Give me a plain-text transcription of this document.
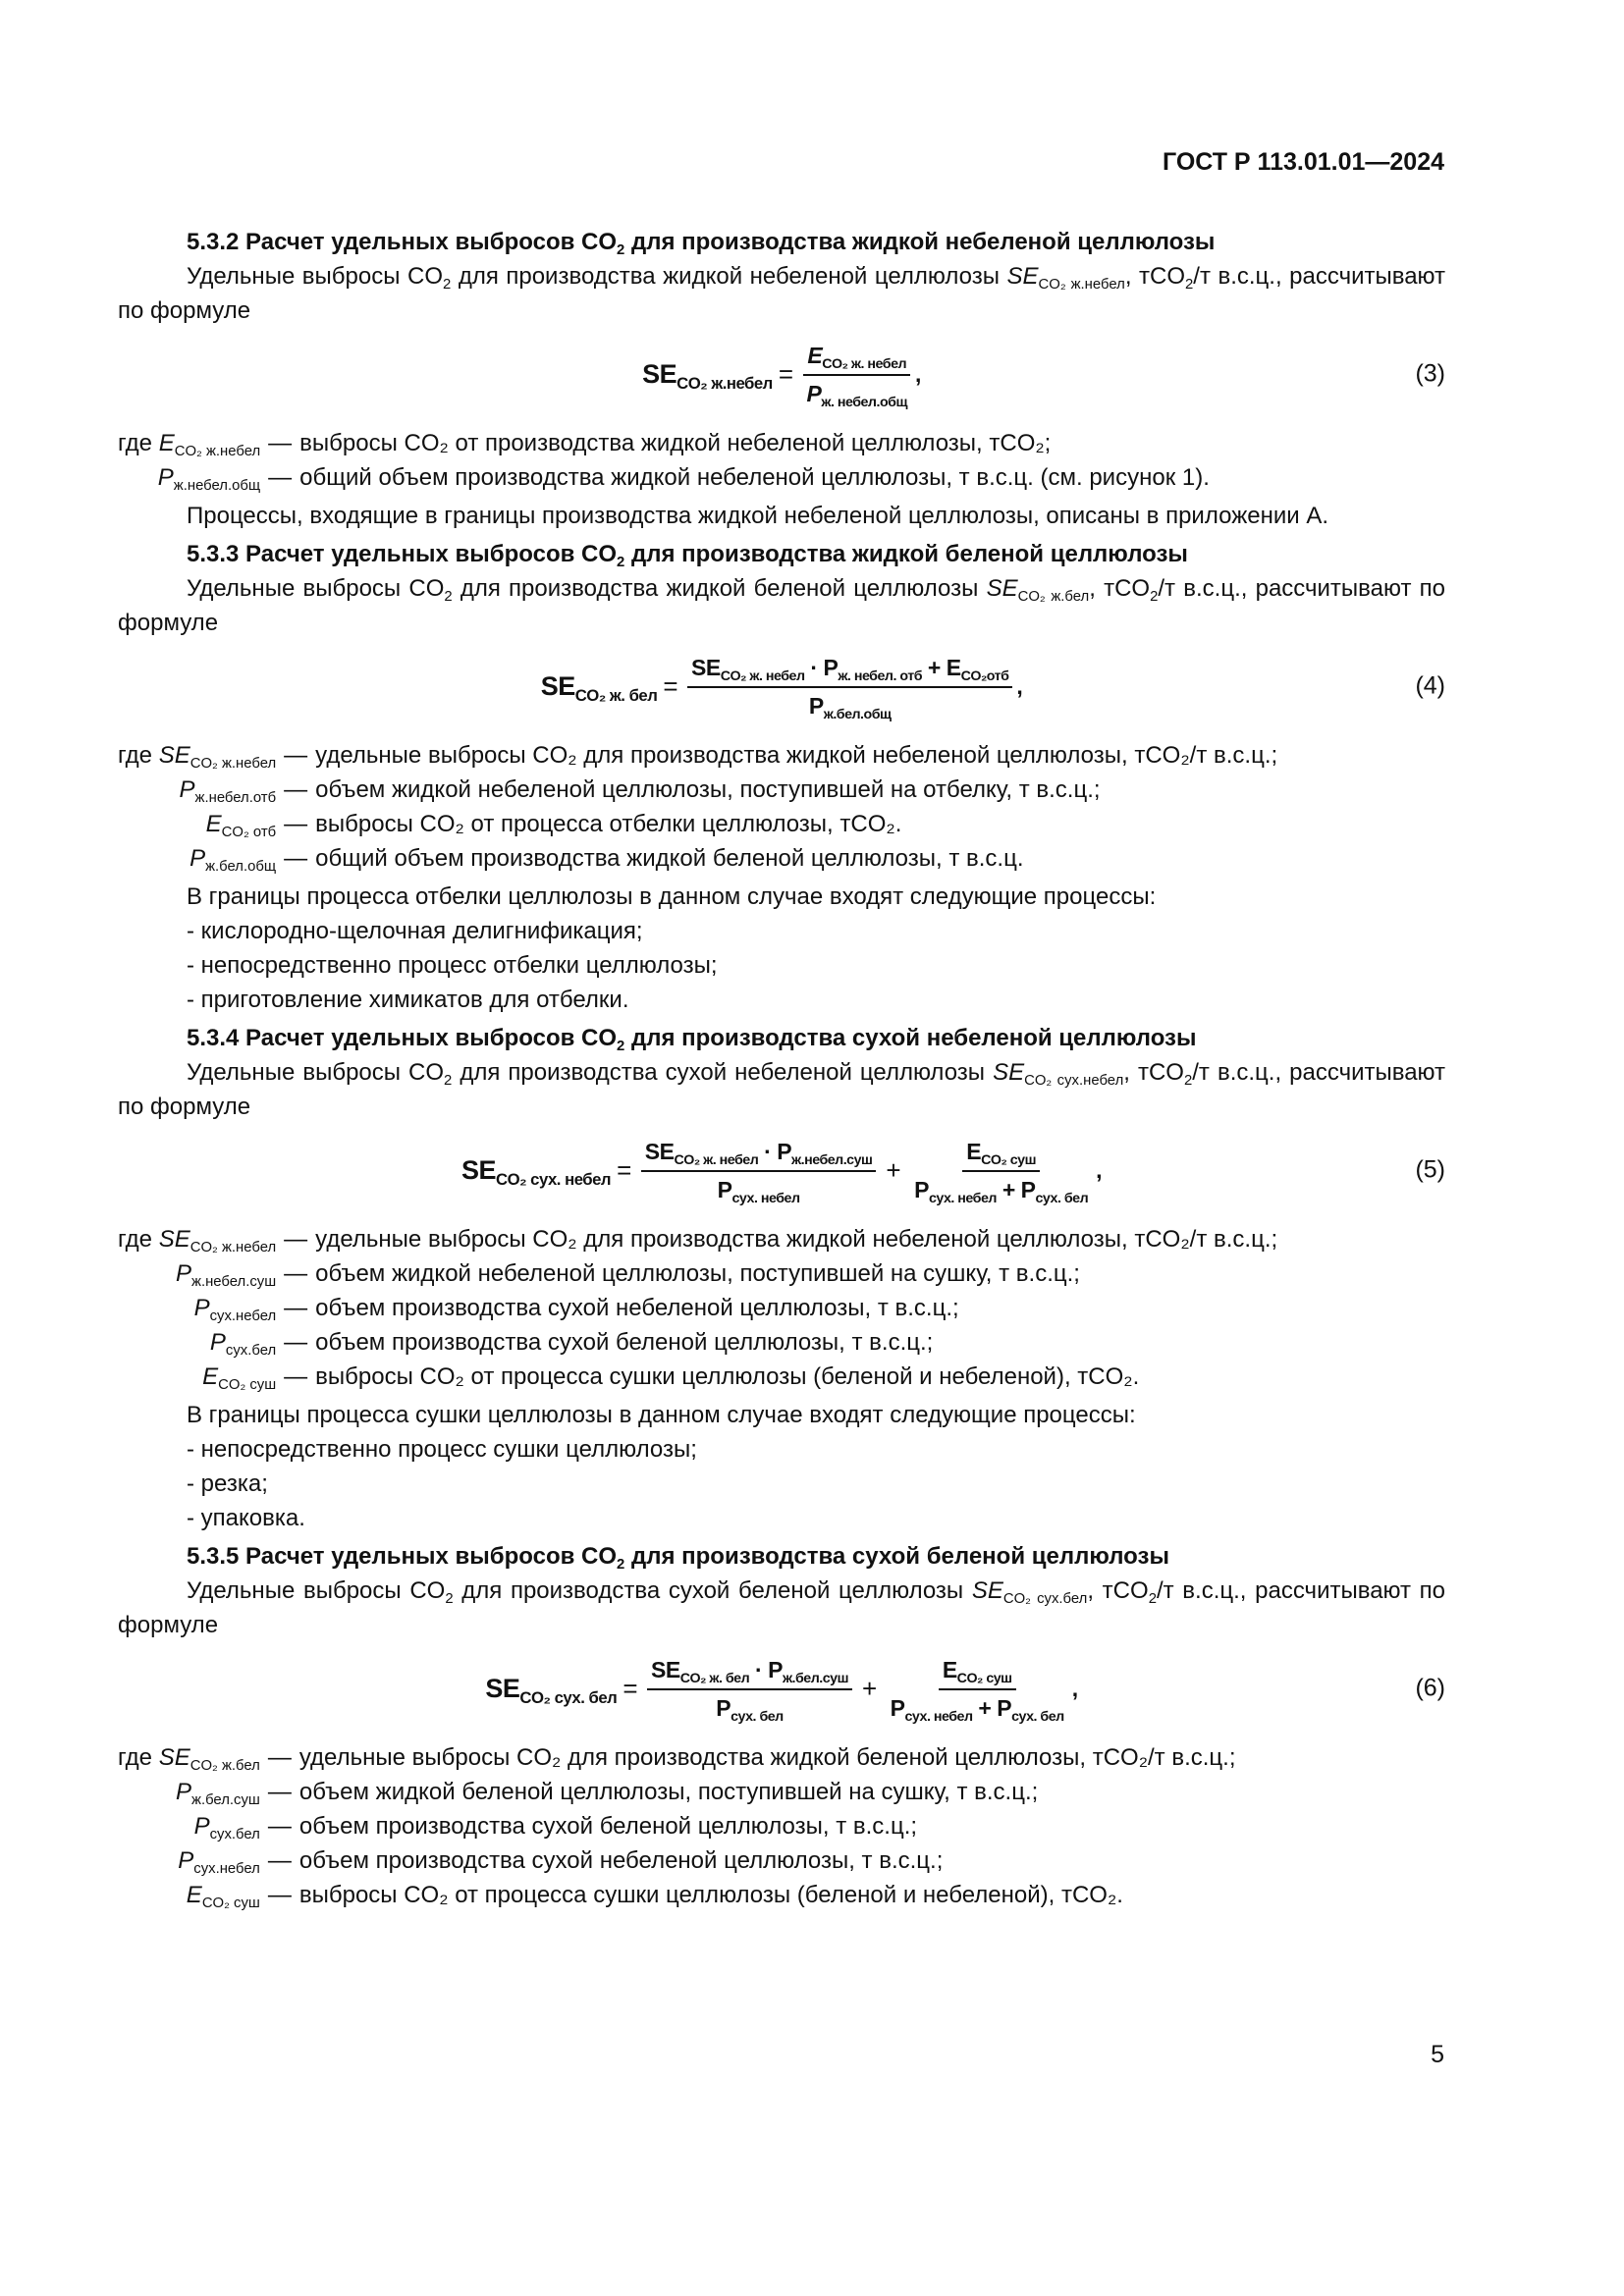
ГОСТ Р 113.01.01—2024
5.3.2 Расчет удельных выбросов $CO_2$ для производства жидкой небеленой целлюлозы
Удельные выбросы $CO_2$ для производства жидкой небеленой целлюлозы $SE_{CO_2 ж.небел}$, тCO$_2$/т в.с.ц., рассчитывают по формуле
$SE_{CO_2 ж.небел} = \frac{E_{CO_2 ж. небел}}{P_{ж. небел.общ}}$ ,	(3)
где $E_{CO_2 ж.небел}$	—	выбросы CO₂ от производства жидкой небеленой целлюлозы, тCO₂;
$P_{ж.небел.общ}$	—	общий объем производства жидкой небеленой целлюлозы, т в.с.ц. (см. рисунок 1).
Процессы, входящие в границы производства жидкой небеленой целлюлозы, описаны в приложении А.
5.3.3 Расчет удельных выбросов $CO_2$ для производства жидкой беленой целлюлозы
Удельные выбросы $CO_2$ для производства жидкой беленой целлюлозы $SE_{CO_2 ж.бел}$, тCO$_2$/т в.с.ц., рассчитывают по формуле
$SE_{CO_2 ж. бел} = \frac{SE_{CO_2 ж. небел} \cdot P_{ж. небел. отб} + E_{CO_2отб}}{P_{ж.бел.общ}}$ ,	(4)
где $SE_{CO_2 ж.небел}$	—	удельные выбросы CO₂ для производства жидкой небеленой целлюлозы, тCO₂/т в.с.ц.;
$P_{ж.небел.отб}$	—	объем жидкой небеленой целлюлозы, поступившей на отбелку, т в.с.ц.;
$E_{CO_2 отб}$	—	выбросы CO₂ от процесса отбелки целлюлозы, тCO₂.
$P_{ж.бел.общ}$	—	общий объем производства жидкой беленой целлюлозы, т в.с.ц.
В границы процесса отбелки целлюлозы в данном случае входят следующие процессы:
- кислородно-щелочная делигнификация;
- непосредственно процесс отбелки целлюлозы;
- приготовление химикатов для отбелки.
5.3.4 Расчет удельных выбросов $CO_2$ для производства сухой небеленой целлюлозы
Удельные выбросы $CO_2$ для производства сухой небеленой целлюлозы $SE_{CO_2 сух.небел}$, тCO$_2$/т в.с.ц., рассчитывают по формуле
$SE_{CO_2 сух. небел} = \frac{SE_{CO_2 ж. небел} \cdot P_{ж.небел.суш}}{P_{сух. небел}} + \frac{E_{CO_2 суш}}{P_{сух. небел} + P_{сух. бел}}$ ,	(5)
где $SE_{CO_2 ж.небел}$	—	удельные выбросы CO₂ для производства жидкой небеленой целлюлозы, тCO₂/т в.с.ц.;
$P_{ж.небел.суш}$	—	объем жидкой небеленой целлюлозы, поступившей на сушку, т в.с.ц.;
$P_{сух.небел}$	—	объем производства сухой небеленой целлюлозы, т в.с.ц.;
$P_{сух.бел}$	—	объем производства сухой беленой целлюлозы, т в.с.ц.;
$E_{CO_2 суш}$	—	выбросы CO₂ от процесса сушки целлюлозы (беленой и небеленой), тCO₂.
В границы процесса сушки целлюлозы в данном случае входят следующие процессы:
- непосредственно процесс сушки целлюлозы;
- резка;
- упаковка.
5.3.5 Расчет удельных выбросов $CO_2$ для производства сухой беленой целлюлозы
Удельные выбросы $CO_2$ для производства сухой беленой целлюлозы $SE_{CO_2 сух.бел}$, тCO$_2$/т в.с.ц., рассчитывают по формуле
$SE_{CO_2 сух. бел} = \frac{SE_{CO_2 ж. бел} \cdot P_{ж.бел.суш}}{P_{сух. бел}} + \frac{E_{CO_2 суш}}{P_{сух. небел} + P_{сух. бел}}$ ,	(6)
где $SE_{CO_2 ж.бел}$	—	удельные выбросы CO₂ для производства жидкой беленой целлюлозы, тCO₂/т в.с.ц.;
$P_{ж.бел.суш}$	—	объем жидкой беленой целлюлозы, поступившей на сушку, т в.с.ц.;
$P_{сух.бел}$	—	объем производства сухой беленой целлюлозы, т в.с.ц.;
$P_{сух.небел}$	—	объем производства сухой небеленой целлюлозы, т в.с.ц.;
$E_{CO_2 суш}$	—	выбросы CO₂ от процесса сушки целлюлозы (беленой и небеленой), тCO₂.
5
